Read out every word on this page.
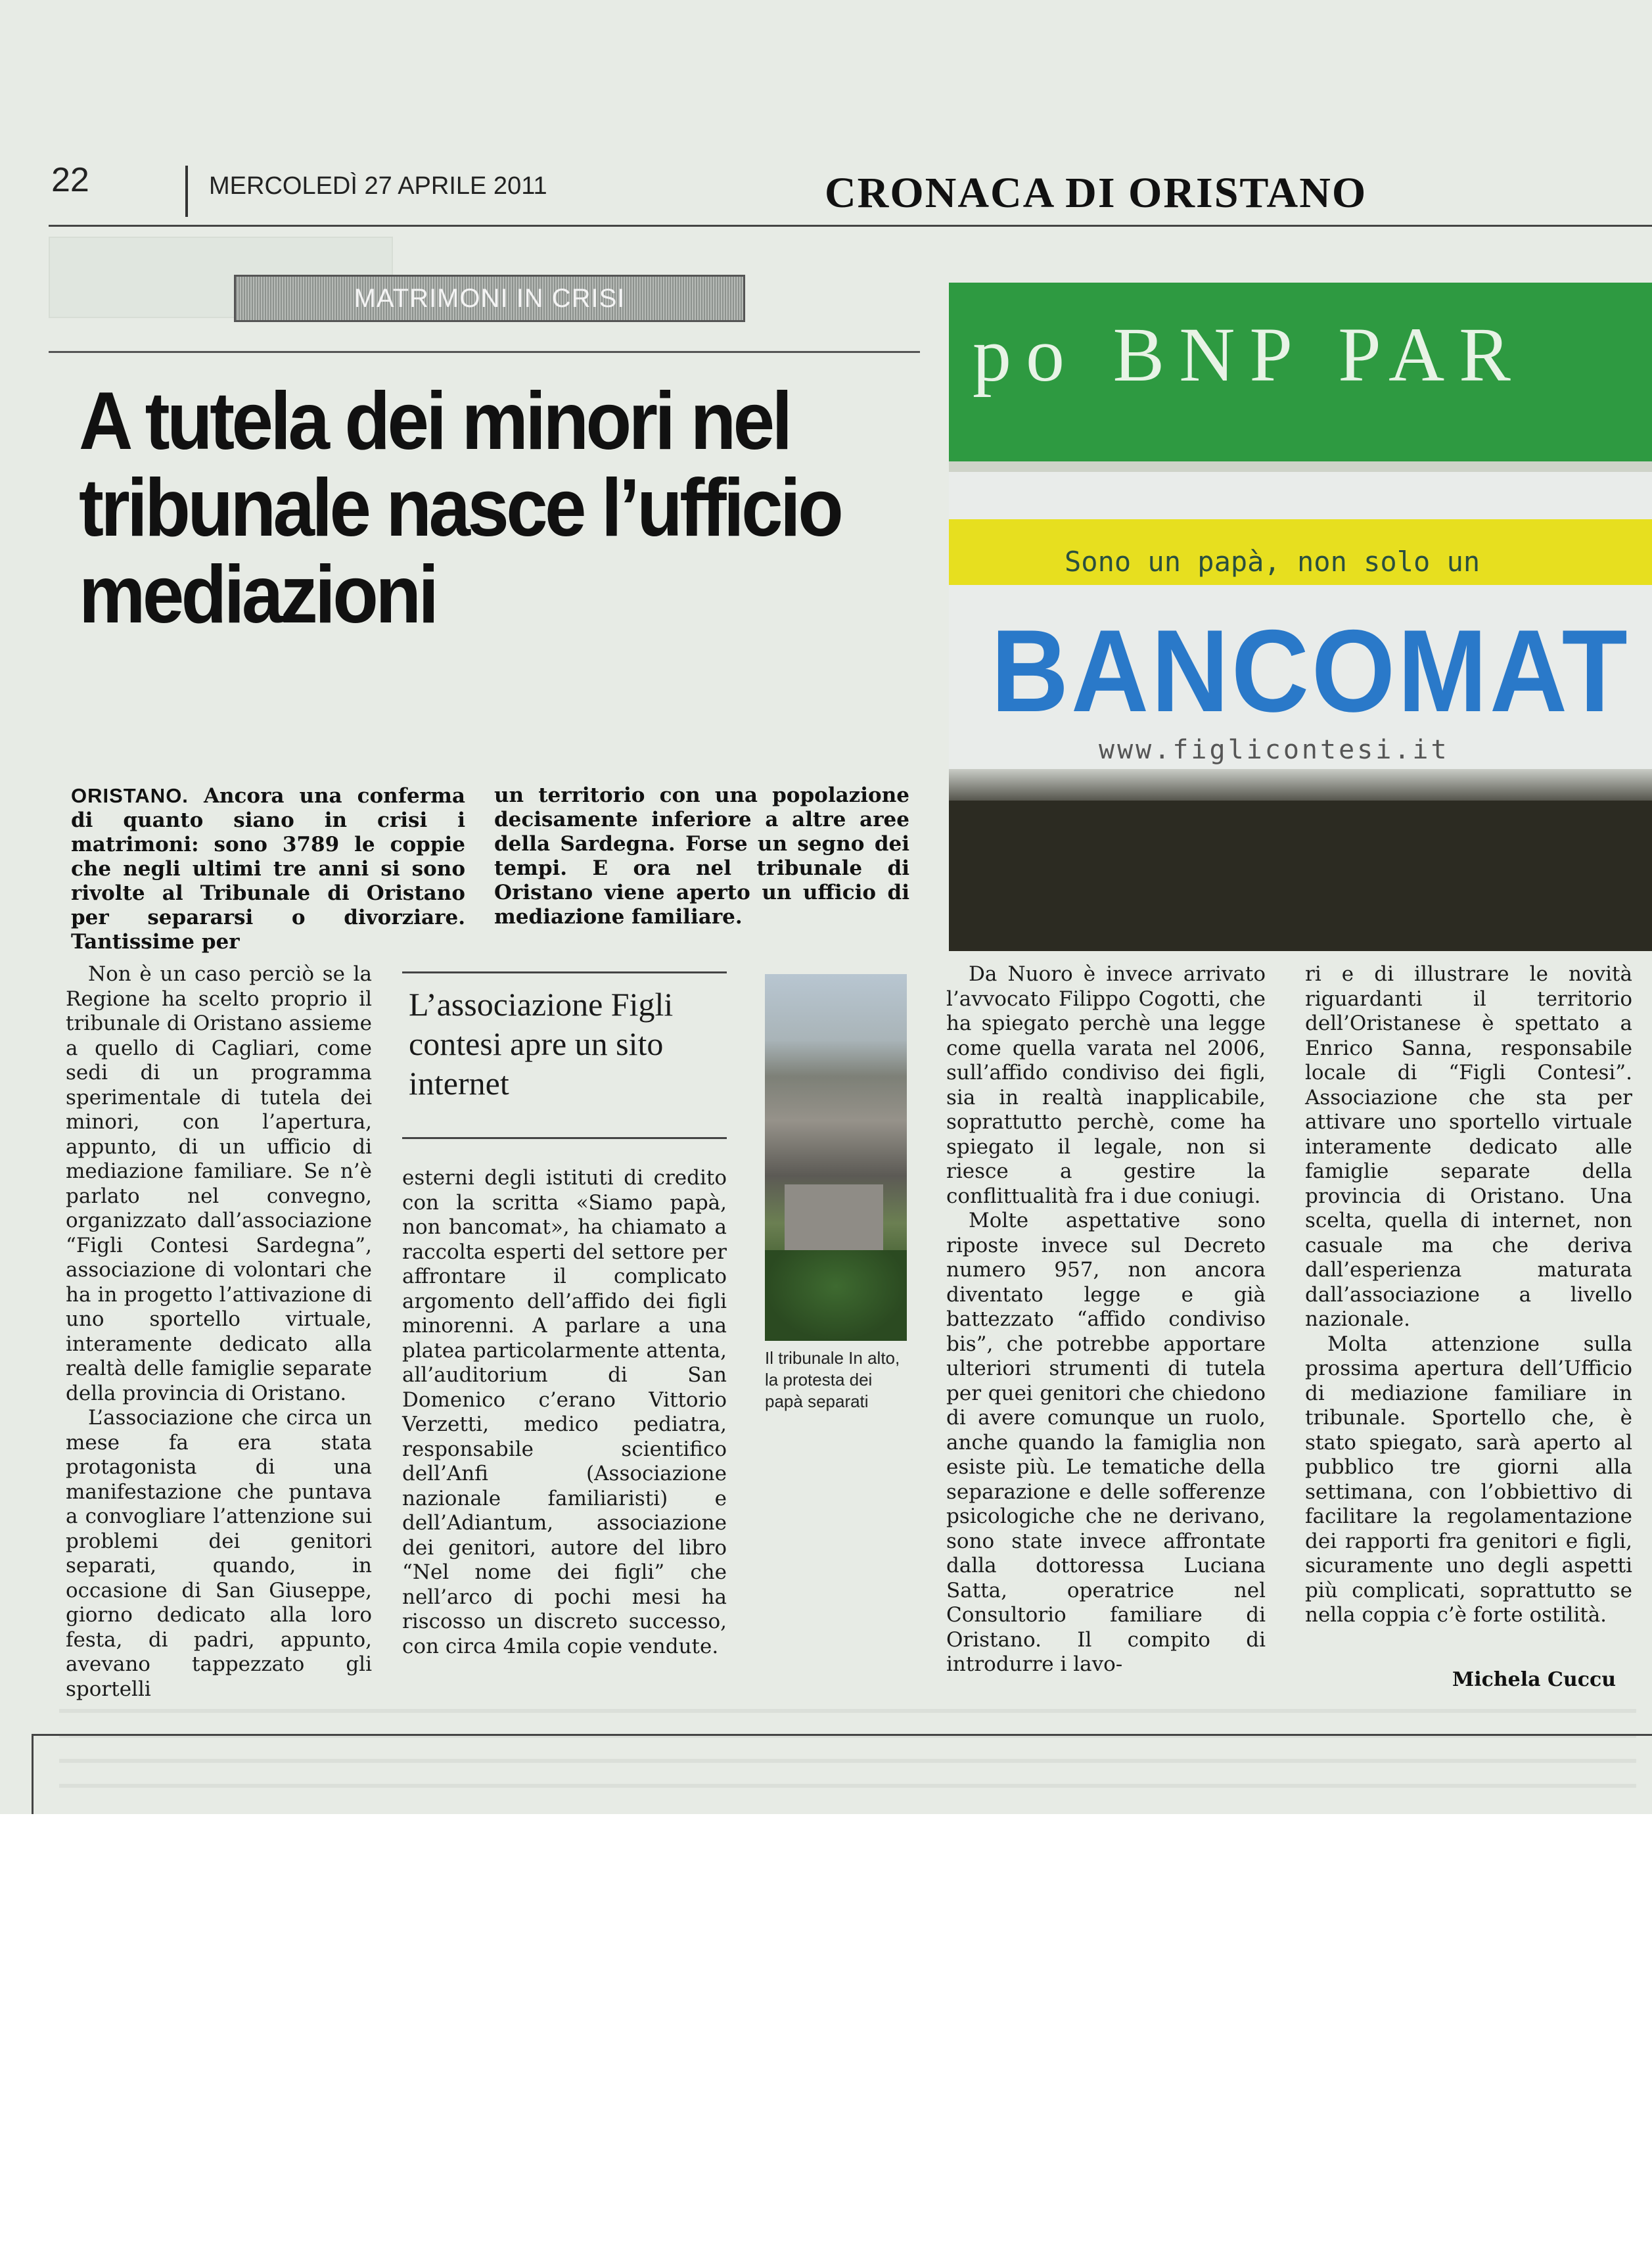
22	MERCOLEDÌ 27 APRILE 2011	CRONACA DI ORISTANO
MATRIMONI IN CRISI
A tutela dei minori nel tribunale nasce l’ufficio mediazioni
po BNP PAR
Sono un papà, non solo un
BANCOMAT
www.figlicontesi.it

ORISTANO. Ancora una conferma di quanto siano in crisi i matrimoni: sono 3789 le coppie che negli ultimi tre anni si sono rivolte al Tribunale di Oristano per separarsi o divorziare. Tantissime per

un territorio con una popolazione decisamente inferiore a altre aree della Sardegna. Forse un segno dei tempi. E ora nel tribunale di Oristano viene aperto un ufficio di mediazione familiare.

Non è un caso perciò se la Regione ha scelto proprio il tribunale di Oristano assieme a quello di Cagliari, come sedi di un programma sperimentale di tutela dei minori, con l’apertura, appunto, di un ufficio di mediazione familiare. Se n’è parlato nel convegno, organizzato dall’associazione “Figli Contesi Sardegna”, associazione di volontari che ha in progetto l’attivazione di uno sportello virtuale, interamente dedicato alla realtà delle famiglie separate della provincia di Oristano.

L’associazione che circa un mese fa era stata protagonista di una manifestazione che puntava a convogliare l’attenzione sui problemi dei genitori separati, quando, in occasione di San Giuseppe, giorno dedicato alla loro festa, di padri, appunto, avevano tappezzato gli sportelli

L’associazione Figli contesi apre un sito internet

esterni degli istituti di credito con la scritta «Siamo papà, non bancomat», ha chiamato a raccolta esperti del settore per affrontare il complicato argomento dell’affido dei figli minorenni. A parlare a una platea particolarmente attenta, all’auditorium di San Domenico c’erano Vittorio Verzetti, medico pediatra, responsabile scientifico dell’Anfi (Associazione nazionale familiaristi) e dell’Adiantum, associazione dei genitori, autore del libro “Nel nome dei figli” che nell’arco di pochi mesi ha riscosso un discreto successo, con circa 4mila copie vendute.

Il tribunale In alto, la protesta dei papà separati

Da Nuoro è invece arrivato l’avvocato Filippo Cogotti, che ha spiegato perchè una legge come quella varata nel 2006, sull’affido condiviso dei figli, sia in realtà inapplicabile, soprattutto perchè, come ha spiegato il legale, non si riesce a gestire la conflittualità fra i due coniugi.

Molte aspettative sono riposte invece sul Decreto numero 957, non ancora diventato legge e già battezzato “affido condiviso bis”, che potrebbe apportare ulteriori strumenti di tutela per quei genitori che chiedono di avere comunque un ruolo, anche quando la famiglia non esiste più. Le tematiche della separazione e delle sofferenze psicologiche che ne derivano, sono state invece affrontate dalla dottoressa Luciana Satta, operatrice nel Consultorio familiare di Oristano. Il compito di introdurre i lavo-

ri e di illustrare le novità riguardanti il territorio dell’Oristanese è spettato a Enrico Sanna, responsabile locale di “Figli Contesi”. Associazione che sta per attivare uno sportello virtuale interamente dedicato alle famiglie separate della provincia di Oristano. Una scelta, quella di internet, non casuale ma che deriva dall’esperienza maturata dall’associazione a livello nazionale.

Molta attenzione sulla prossima apertura dell’Ufficio di mediazione familiare in tribunale. Sportello che, è stato spiegato, sarà aperto al pubblico tre giorni alla settimana, con l’obbiettivo di facilitare la regolamentazione dei rapporti fra genitori e figli, sicuramente uno degli aspetti più complicati, soprattutto se nella coppia c’è forte ostilità.

Michela Cuccu
